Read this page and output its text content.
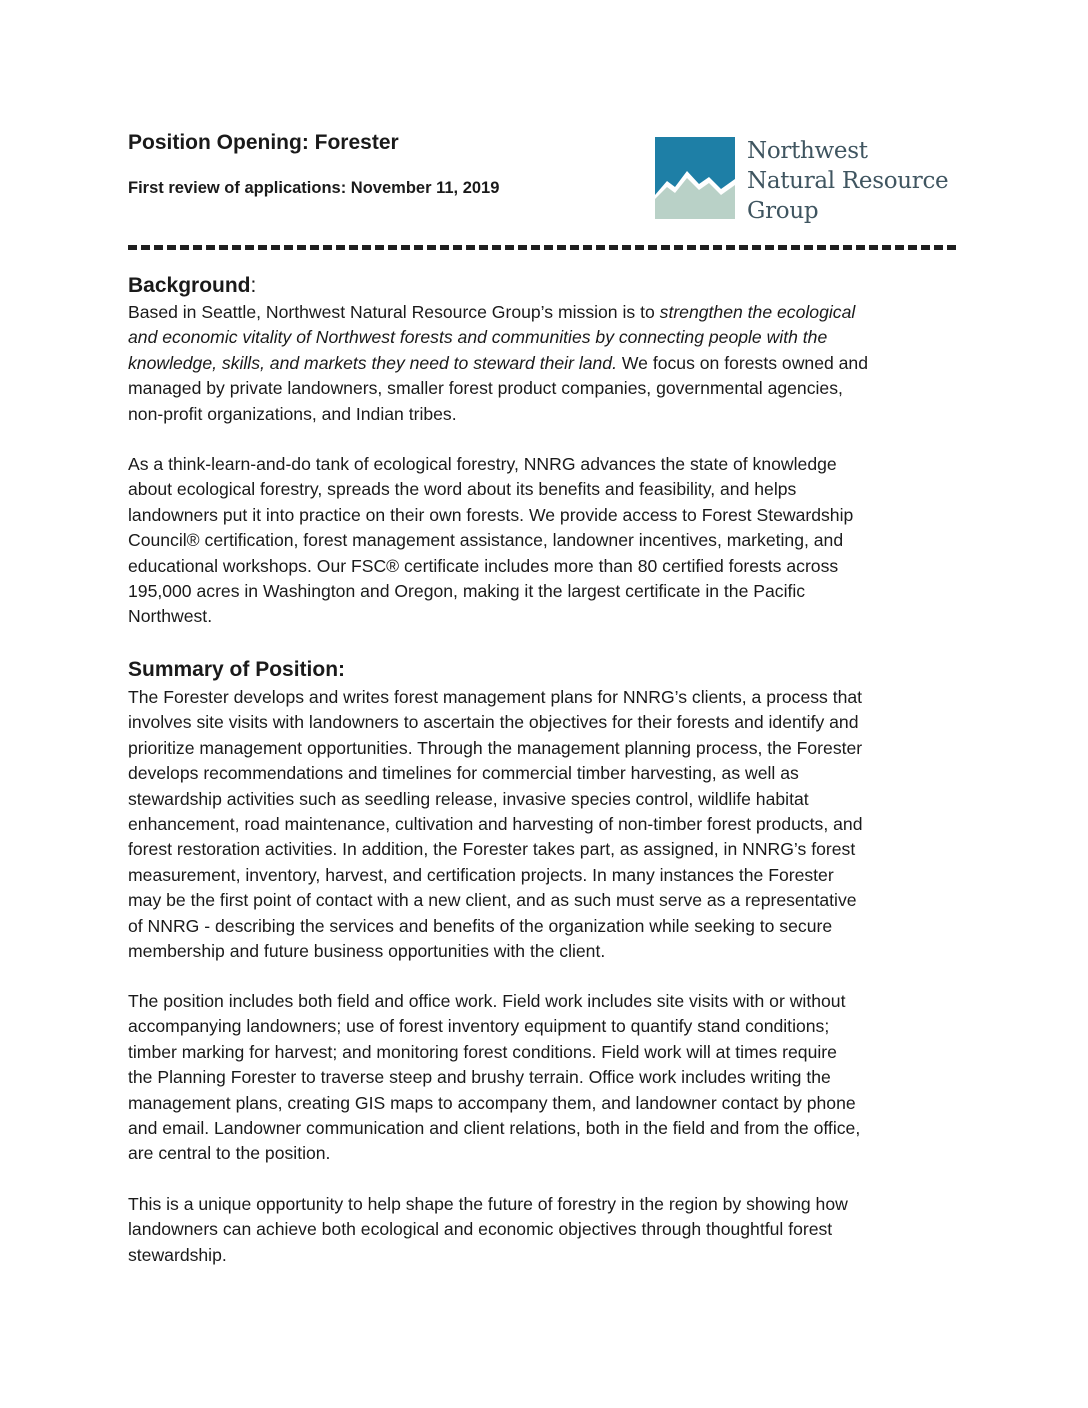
Position Opening: Forester

First review of applications: November 11, 2019

Northwest
Natural Resource
Group
Background:

Based in Seattle, Northwest Natural Resource Group’s mission is to strengthen the ecological
and economic vitality of Northwest forests and communities by connecting people with the
knowledge, skills, and markets they need to steward their land. We focus on forests owned and
managed by private landowners, smaller forest product companies, governmental agencies,
non-profit organizations, and Indian tribes.

As a think-learn-and-do tank of ecological forestry, NNRG advances the state of knowledge
about ecological forestry, spreads the word about its benefits and feasibility, and helps
landowners put it into practice on their own forests. We provide access to Forest Stewardship
Council® certification, forest management assistance, landowner incentives, marketing, and
educational workshops. Our FSC® certificate includes more than 80 certified forests across
195,000 acres in Washington and Oregon, making it the largest certificate in the Pacific
Northwest.

Summary of Position:

The Forester develops and writes forest management plans for NNRG’s clients, a process that
involves site visits with landowners to ascertain the objectives for their forests and identify and
prioritize management opportunities. Through the management planning process, the Forester
develops recommendations and timelines for commercial timber harvesting, as well as
stewardship activities such as seedling release, invasive species control, wildlife habitat
enhancement, road maintenance, cultivation and harvesting of non-timber forest products, and
forest restoration activities. In addition, the Forester takes part, as assigned, in NNRG’s forest
measurement, inventory, harvest, and certification projects. In many instances the Forester
may be the first point of contact with a new client, and as such must serve as a representative
of NNRG - describing the services and benefits of the organization while seeking to secure
membership and future business opportunities with the client.

The position includes both field and office work. Field work includes site visits with or without
accompanying landowners; use of forest inventory equipment to quantify stand conditions;
timber marking for harvest; and monitoring forest conditions. Field work will at times require
the Planning Forester to traverse steep and brushy terrain. Office work includes writing the
management plans, creating GIS maps to accompany them, and landowner contact by phone
and email. Landowner communication and client relations, both in the field and from the office,
are central to the position.

This is a unique opportunity to help shape the future of forestry in the region by showing how
landowners can achieve both ecological and economic objectives through thoughtful forest
stewardship.
